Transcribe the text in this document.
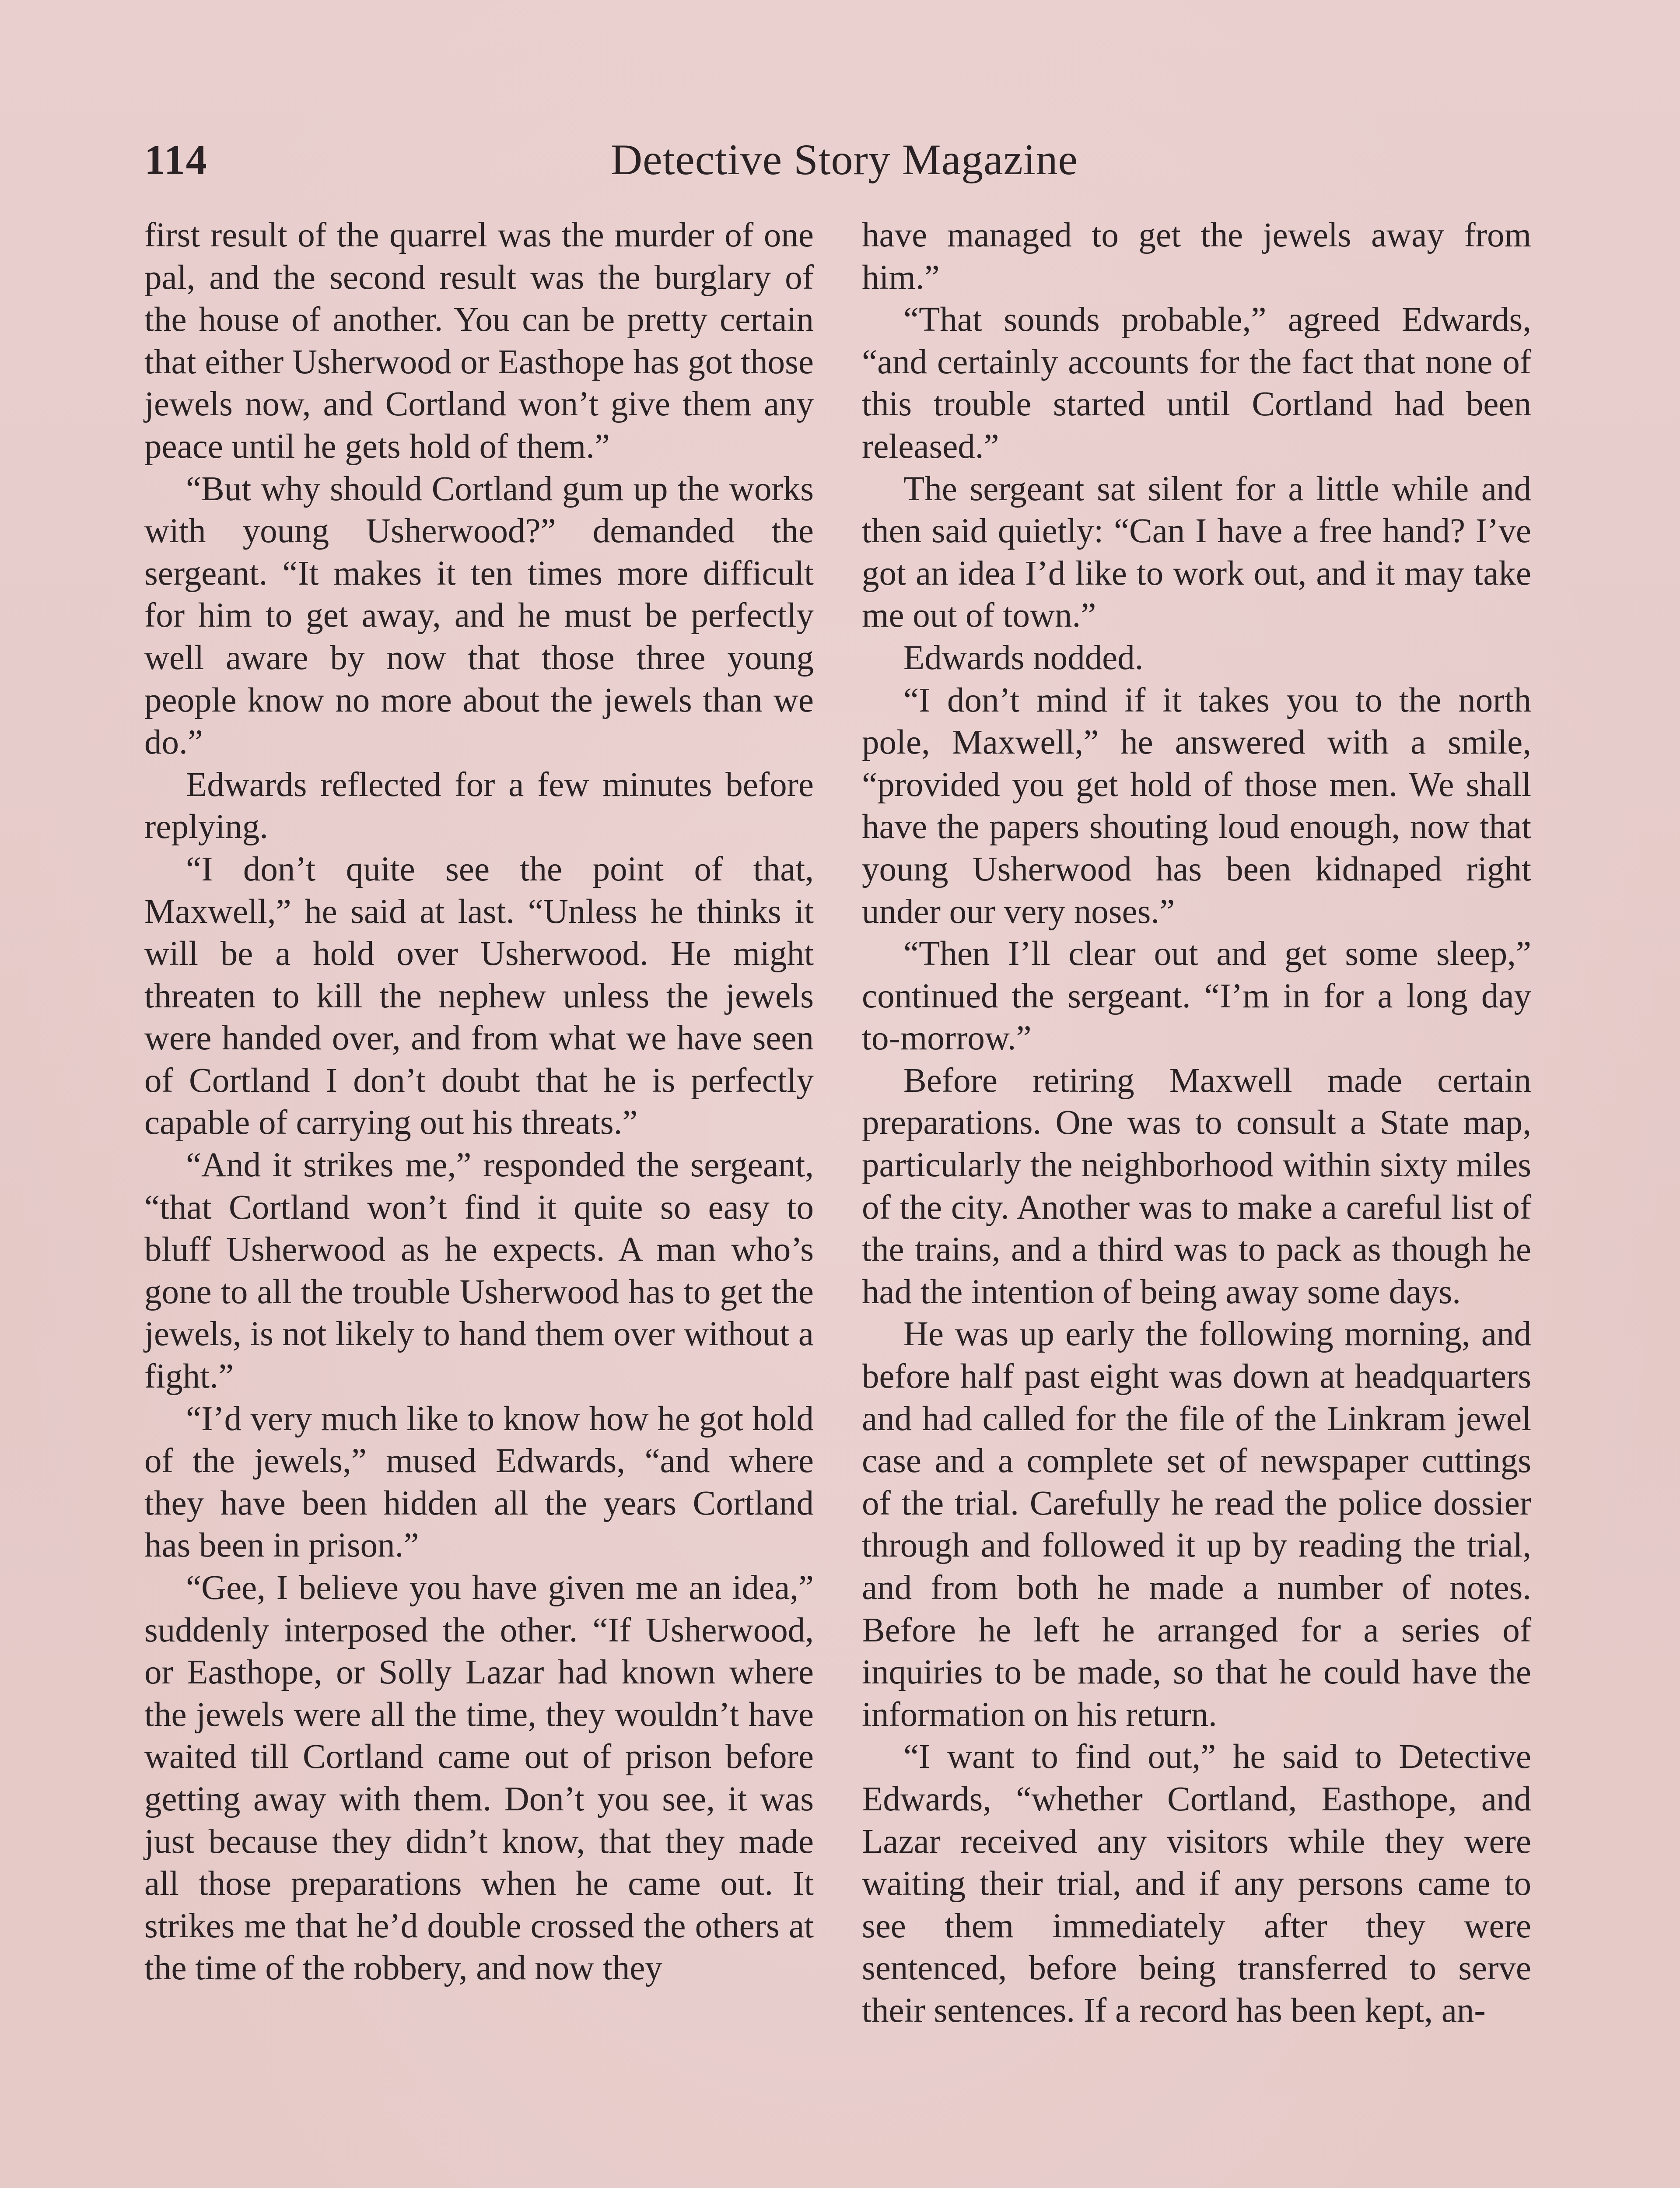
114	Detective Story Magazine

first result of the quarrel was the murder of one pal, and the second result was the burglary of the house of another. You can be pretty certain that either Usherwood or Easthope has got those jewels now, and Cortland won’t give them any peace until he gets hold of them.”

“But why should Cortland gum up the works with young Usherwood?” demanded the sergeant. “It makes it ten times more difficult for him to get away, and he must be perfectly well aware by now that those three young people know no more about the jewels than we do.”

Edwards reflected for a few minutes before replying.

“I don’t quite see the point of that, Maxwell,” he said at last. “Unless he thinks it will be a hold over Usherwood. He might threaten to kill the nephew unless the jewels were handed over, and from what we have seen of Cortland I don’t doubt that he is perfectly capable of carrying out his threats.”

“And it strikes me,” responded the sergeant, “that Cortland won’t find it quite so easy to bluff Usherwood as he expects. A man who’s gone to all the trouble Usherwood has to get the jewels, is not likely to hand them over without a fight.”

“I’d very much like to know how he got hold of the jewels,” mused Edwards, “and where they have been hidden all the years Cortland has been in prison.”

“Gee, I believe you have given me an idea,” suddenly interposed the other. “If Usherwood, or Easthope, or Solly Lazar had known where the jewels were all the time, they wouldn’t have waited till Cortland came out of prison before getting away with them. Don’t you see, it was just because they didn’t know, that they made all those preparations when he came out. It strikes me that he’d double crossed the others at the time of the robbery, and now they

have managed to get the jewels away from him.”

“That sounds probable,” agreed Edwards, “and certainly accounts for the fact that none of this trouble started until Cortland had been released.”

The sergeant sat silent for a little while and then said quietly: “Can I have a free hand? I’ve got an idea I’d like to work out, and it may take me out of town.”

Edwards nodded.

“I don’t mind if it takes you to the north pole, Maxwell,” he answered with a smile, “provided you get hold of those men. We shall have the papers shouting loud enough, now that young Usherwood has been kidnaped right under our very noses.”

“Then I’ll clear out and get some sleep,” continued the sergeant. “I’m in for a long day to-morrow.”

Before retiring Maxwell made certain preparations. One was to consult a State map, particularly the neighborhood within sixty miles of the city. Another was to make a careful list of the trains, and a third was to pack as though he had the intention of being away some days.

He was up early the following morning, and before half past eight was down at headquarters and had called for the file of the Linkram jewel case and a complete set of newspaper cuttings of the trial. Carefully he read the police dossier through and followed it up by reading the trial, and from both he made a number of notes. Before he left he arranged for a series of inquiries to be made, so that he could have the information on his return.

“I want to find out,” he said to Detective Edwards, “whether Cortland, Easthope, and Lazar received any visitors while they were waiting their trial, and if any persons came to see them immediately after they were sentenced, before being transferred to serve their sentences. If a record has been kept, an-
